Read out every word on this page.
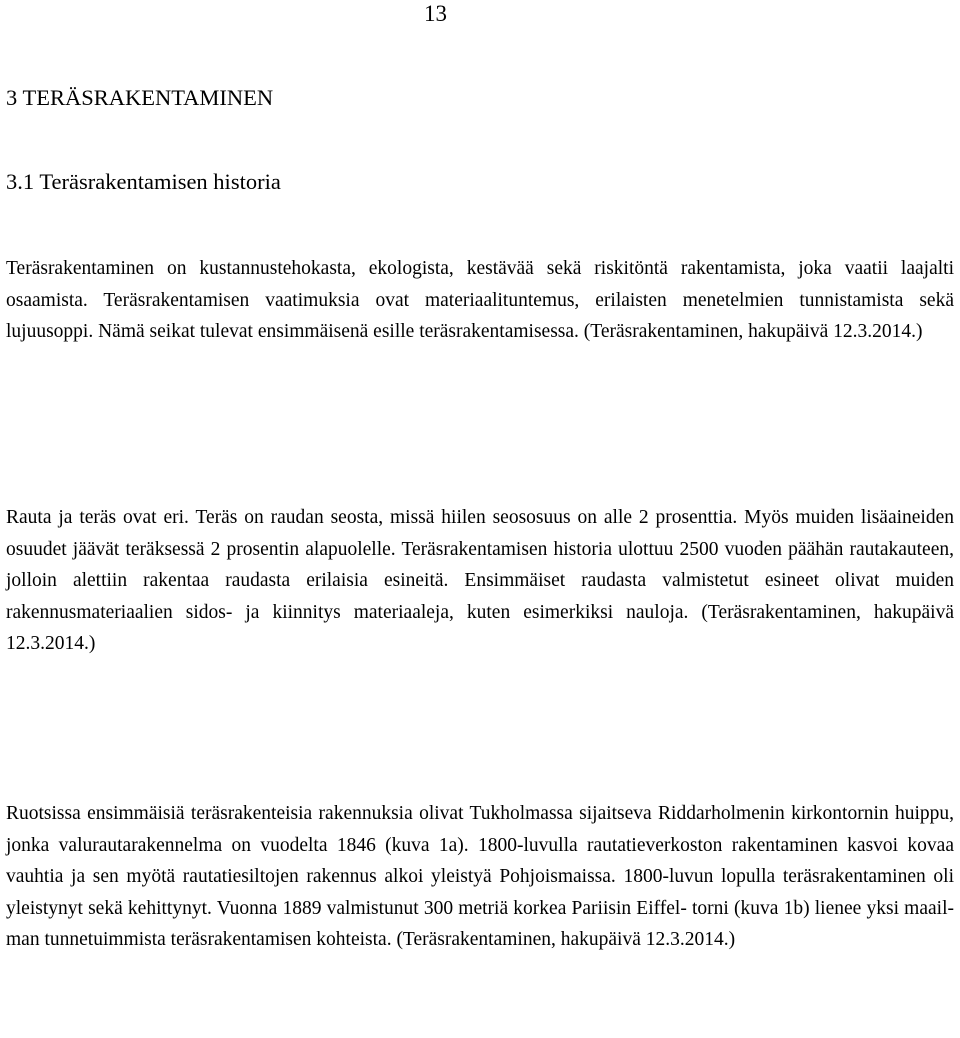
13
3 TERÄSRAKENTAMINEN
3.1 Teräsrakentamisen historia

Teräsrakentaminen on kustannustehokasta, ekologista, kestävää sekä riskitöntä rakentamista, joka vaatii laajalti osaamista. Teräsrakentamisen vaatimuksia ovat materiaalituntemus, erilaisten menetelmien tunnistamista sekä lujuusoppi. Nämä seikat tulevat ensimmäisenä esille teräsrakentamisessa. (Teräsrakentaminen, hakupäivä 12.3.2014.)

Rauta ja teräs ovat eri. Teräs on raudan seosta, missä hiilen seososuus on alle 2 prosenttia. Myös muiden lisäaineiden osuudet jäävät teräksessä 2 prosentin alapuolelle. Teräsrakentamisen historia ulottuu 2500 vuoden päähän rautakauteen, jolloin alettiin rakentaa raudasta erilaisia esineitä. Ensimmäiset raudasta valmistetut esineet olivat muiden rakennusmateriaalien sidos- ja kiinnitys materiaaleja, kuten esimerkiksi nauloja. (Teräsrakentaminen, hakupäivä 12.3.2014.)

Ruotsissa ensimmäisiä teräsrakenteisia rakennuksia olivat Tukholmassa sijaitseva Riddarholmenin kirkontornin huippu, jonka valurautarakennelma on vuodelta 1846 (kuva 1a). 1800-luvulla rautatieverkoston rakentaminen kasvoi kovaa vauhtia ja sen myötä rautatiesiltojen rakennus alkoi yleistyä Pohjoismaissa. 1800-luvun lopulla teräsrakentaminen oli yleistynyt sekä kehittynyt. Vuonna 1889 valmistunut 300 metriä korkea Pariisin Eiffel- torni (kuva 1b) lienee yksi maailman tunnetuimmista teräsrakentamisen kohteista. (Teräsrakentaminen, hakupäivä 12.3.2014.)
